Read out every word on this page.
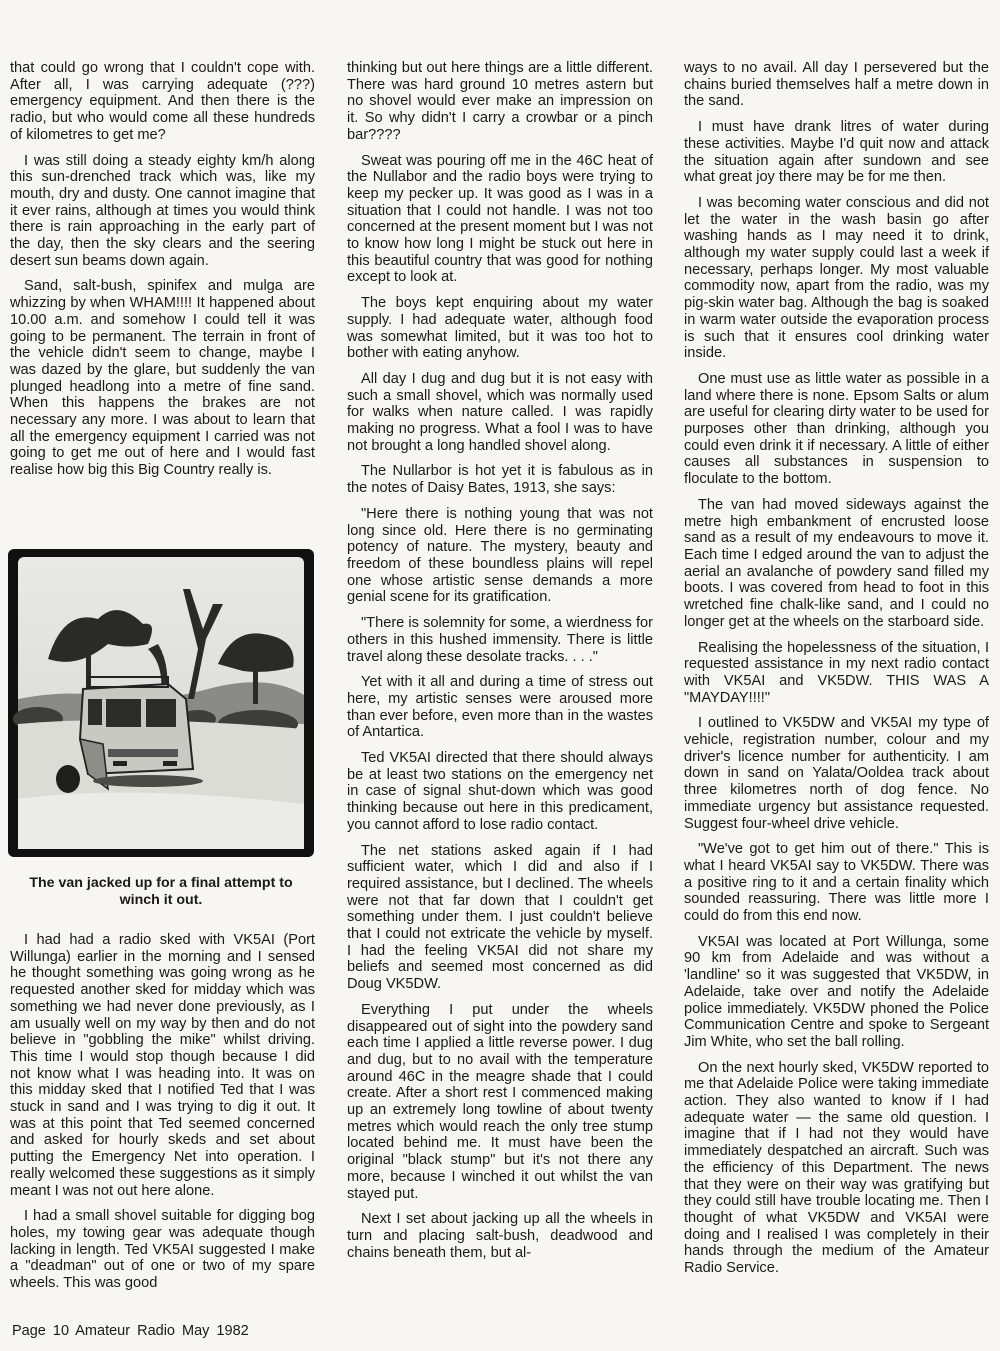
that could go wrong that I couldn't cope with. After all, I was carrying adequate (???) emergency equipment. And then there is the radio, but who would come all these hundreds of kilometres to get me?

I was still doing a steady eighty km/h along this sun-drenched track which was, like my mouth, dry and dusty. One cannot imagine that it ever rains, although at times you would think there is rain approaching in the early part of the day, then the sky clears and the seering desert sun beams down again.

Sand, salt-bush, spinifex and mulga are whizzing by when WHAM!!!! It happened about 10.00 a.m. and somehow I could tell it was going to be permanent. The terrain in front of the vehicle didn't seem to change, maybe I was dazed by the glare, but suddenly the van plunged headlong into a metre of fine sand. When this happens the brakes are not necessary any more. I was about to learn that all the emergency equipment I carried was not going to get me out of here and I would fast realise how big this Big Country really is.

I had had a radio sked with VK5AI (Port Willunga) earlier in the morning and I sensed he thought something was going wrong as he requested another sked for midday which was something we had never done previously, as I am usually well on my way by then and do not believe in "gobbling the mike" whilst driving. This time I would stop though because I did not know what I was heading into. It was on this midday sked that I notified Ted that I was stuck in sand and I was trying to dig it out. It was at this point that Ted seemed concerned and asked for hourly skeds and set about putting the Emergency Net into operation. I really welcomed these suggestions as it simply meant I was not out here alone.

I had a small shovel suitable for digging bog holes, my towing gear was adequate though lacking in length. Ted VK5AI suggested I make a "deadman" out of one or two of my spare wheels. This was good

The van jacked up for a final attempt to winch it out.

thinking but out here things are a little different. There was hard ground 10 metres astern but no shovel would ever make an impression on it. So why didn't I carry a crowbar or a pinch bar????

Sweat was pouring off me in the 46C heat of the Nullabor and the radio boys were trying to keep my pecker up. It was good as I was in a situation that I could not handle. I was not too concerned at the present moment but I was not to know how long I might be stuck out here in this beautiful country that was good for nothing except to look at.

The boys kept enquiring about my water supply. I had adequate water, although food was somewhat limited, but it was too hot to bother with eating anyhow.

All day I dug and dug but it is not easy with such a small shovel, which was normally used for walks when nature called. I was rapidly making no progress. What a fool I was to have not brought a long handled shovel along.

The Nullarbor is hot yet it is fabulous as in the notes of Daisy Bates, 1913, she says:

"Here there is nothing young that was not long since old. Here there is no germinating potency of nature. The mystery, beauty and freedom of these boundless plains will repel one whose artistic sense demands a more genial scene for its gratification.

"There is solemnity for some, a wierdness for others in this hushed immensity. There is little travel along these desolate tracks. . . ."

Yet with it all and during a time of stress out here, my artistic senses were aroused more than ever before, even more than in the wastes of Antartica.

Ted VK5AI directed that there should always be at least two stations on the emergency net in case of signal shut-down which was good thinking because out here in this predicament, you cannot afford to lose radio contact.

The net stations asked again if I had sufficient water, which I did and also if I required assistance, but I declined. The wheels were not that far down that I couldn't get something under them. I just couldn't believe that I could not extricate the vehicle by myself. I had the feeling VK5AI did not share my beliefs and seemed most concerned as did Doug VK5DW.

Everything I put under the wheels disappeared out of sight into the powdery sand each time I applied a little reverse power. I dug and dug, but to no avail with the temperature around 46C in the meagre shade that I could create. After a short rest I commenced making up an extremely long towline of about twenty metres which would reach the only tree stump located behind me. It must have been the original "black stump" but it's not there any more, because I winched it out whilst the van stayed put.

Next I set about jacking up all the wheels in turn and placing salt-bush, deadwood and chains beneath them, but al-

ways to no avail. All day I persevered but the chains buried themselves half a metre down in the sand.

I must have drank litres of water during these activities. Maybe I'd quit now and attack the situation again after sundown and see what great joy there may be for me then.

I was becoming water conscious and did not let the water in the wash basin go after washing hands as I may need it to drink, although my water supply could last a week if necessary, perhaps longer. My most valuable commodity now, apart from the radio, was my pig-skin water bag. Although the bag is soaked in warm water outside the evaporation process is such that it ensures cool drinking water inside.

One must use as little water as possible in a land where there is none. Epsom Salts or alum are useful for clearing dirty water to be used for purposes other than drinking, although you could even drink it if necessary. A little of either causes all substances in suspension to floculate to the bottom.

The van had moved sideways against the metre high embankment of encrusted loose sand as a result of my endeavours to move it. Each time I edged around the van to adjust the aerial an avalanche of powdery sand filled my boots. I was covered from head to foot in this wretched fine chalk-like sand, and I could no longer get at the wheels on the starboard side.

Realising the hopelessness of the situation, I requested assistance in my next radio contact with VK5AI and VK5DW. THIS WAS A "MAYDAY!!!!"

I outlined to VK5DW and VK5AI my type of vehicle, registration number, colour and my driver's licence number for authenticity. I am down in sand on Yalata/Ooldea track about three kilometres north of dog fence. No immediate urgency but assistance requested. Suggest four-wheel drive vehicle.

"We've got to get him out of there." This is what I heard VK5AI say to VK5DW. There was a positive ring to it and a certain finality which sounded reassuring. There was little more I could do from this end now.

VK5AI was located at Port Willunga, some 90 km from Adelaide and was without a 'landline' so it was suggested that VK5DW, in Adelaide, take over and notify the Adelaide police immediately. VK5DW phoned the Police Communication Centre and spoke to Sergeant Jim White, who set the ball rolling.

On the next hourly sked, VK5DW reported to me that Adelaide Police were taking immediate action. They also wanted to know if I had adequate water — the same old question. I imagine that if I had not they would have immediately despatched an aircraft. Such was the efficiency of this Department. The news that they were on their way was gratifying but they could still have trouble locating me. Then I thought of what VK5DW and VK5AI were doing and I realised I was completely in their hands through the medium of the Amateur Radio Service.

Page 10 Amateur Radio May 1982
